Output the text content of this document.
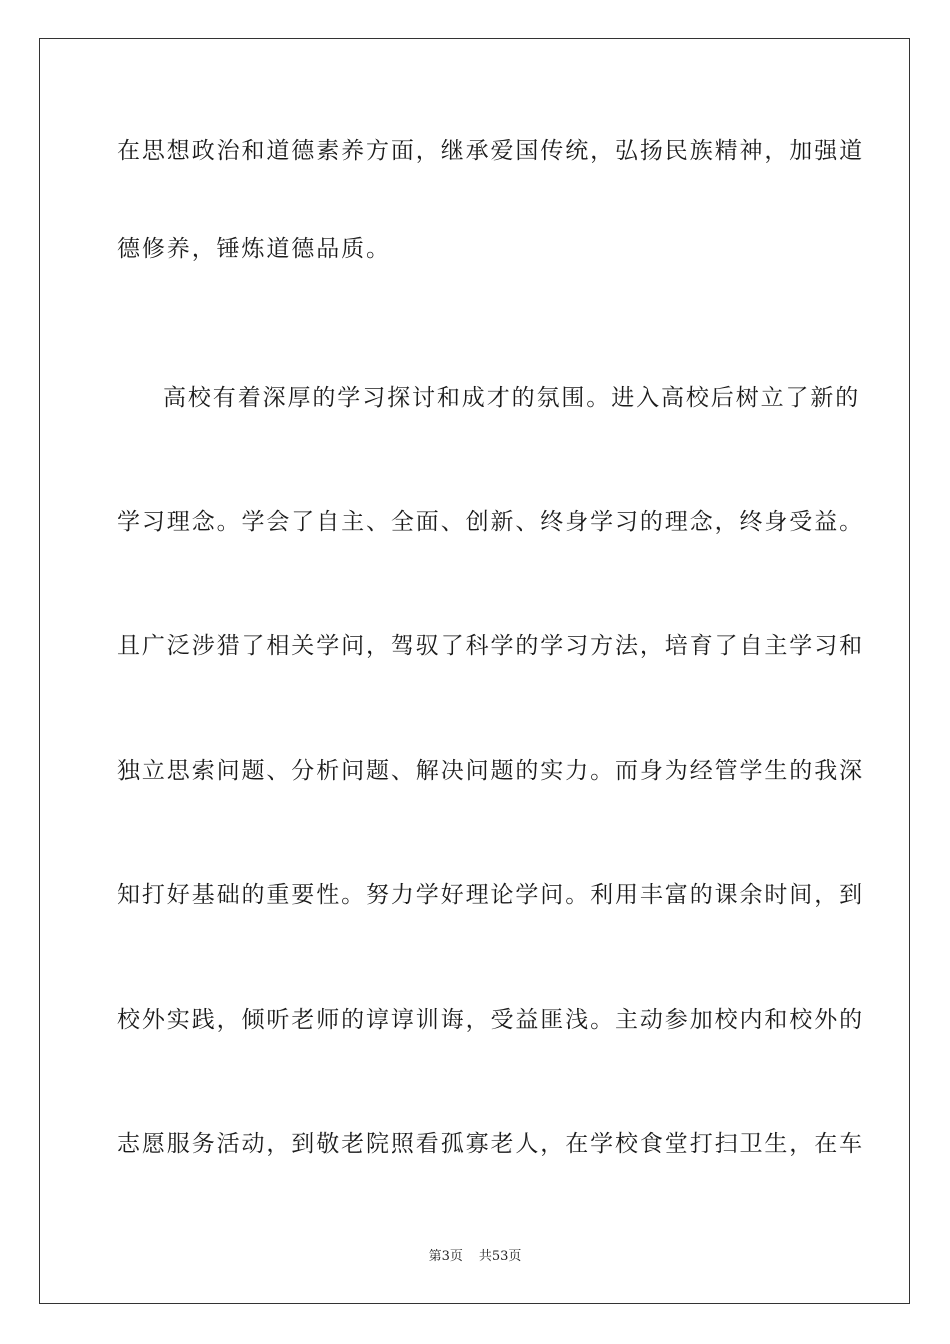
在思想政治和道德素养方面，继承爱国传统，弘扬民族精神，加强道
德修养，锤炼道德品质。
高校有着深厚的学习探讨和成才的氛围。进入高校后树立了新的
学习理念。学会了自主、全面、创新、终身学习的理念，终身受益。
且广泛涉猎了相关学问，驾驭了科学的学习方法，培育了自主学习和
独立思索问题、分析问题、解决问题的实力。而身为经管学生的我深
知打好基础的重要性。努力学好理论学问。利用丰富的课余时间，到
校外实践，倾听老师的谆谆训诲，受益匪浅。主动参加校内和校外的
志愿服务活动，到敬老院照看孤寡老人，在学校食堂打扫卫生，在车
第3页 共53页
